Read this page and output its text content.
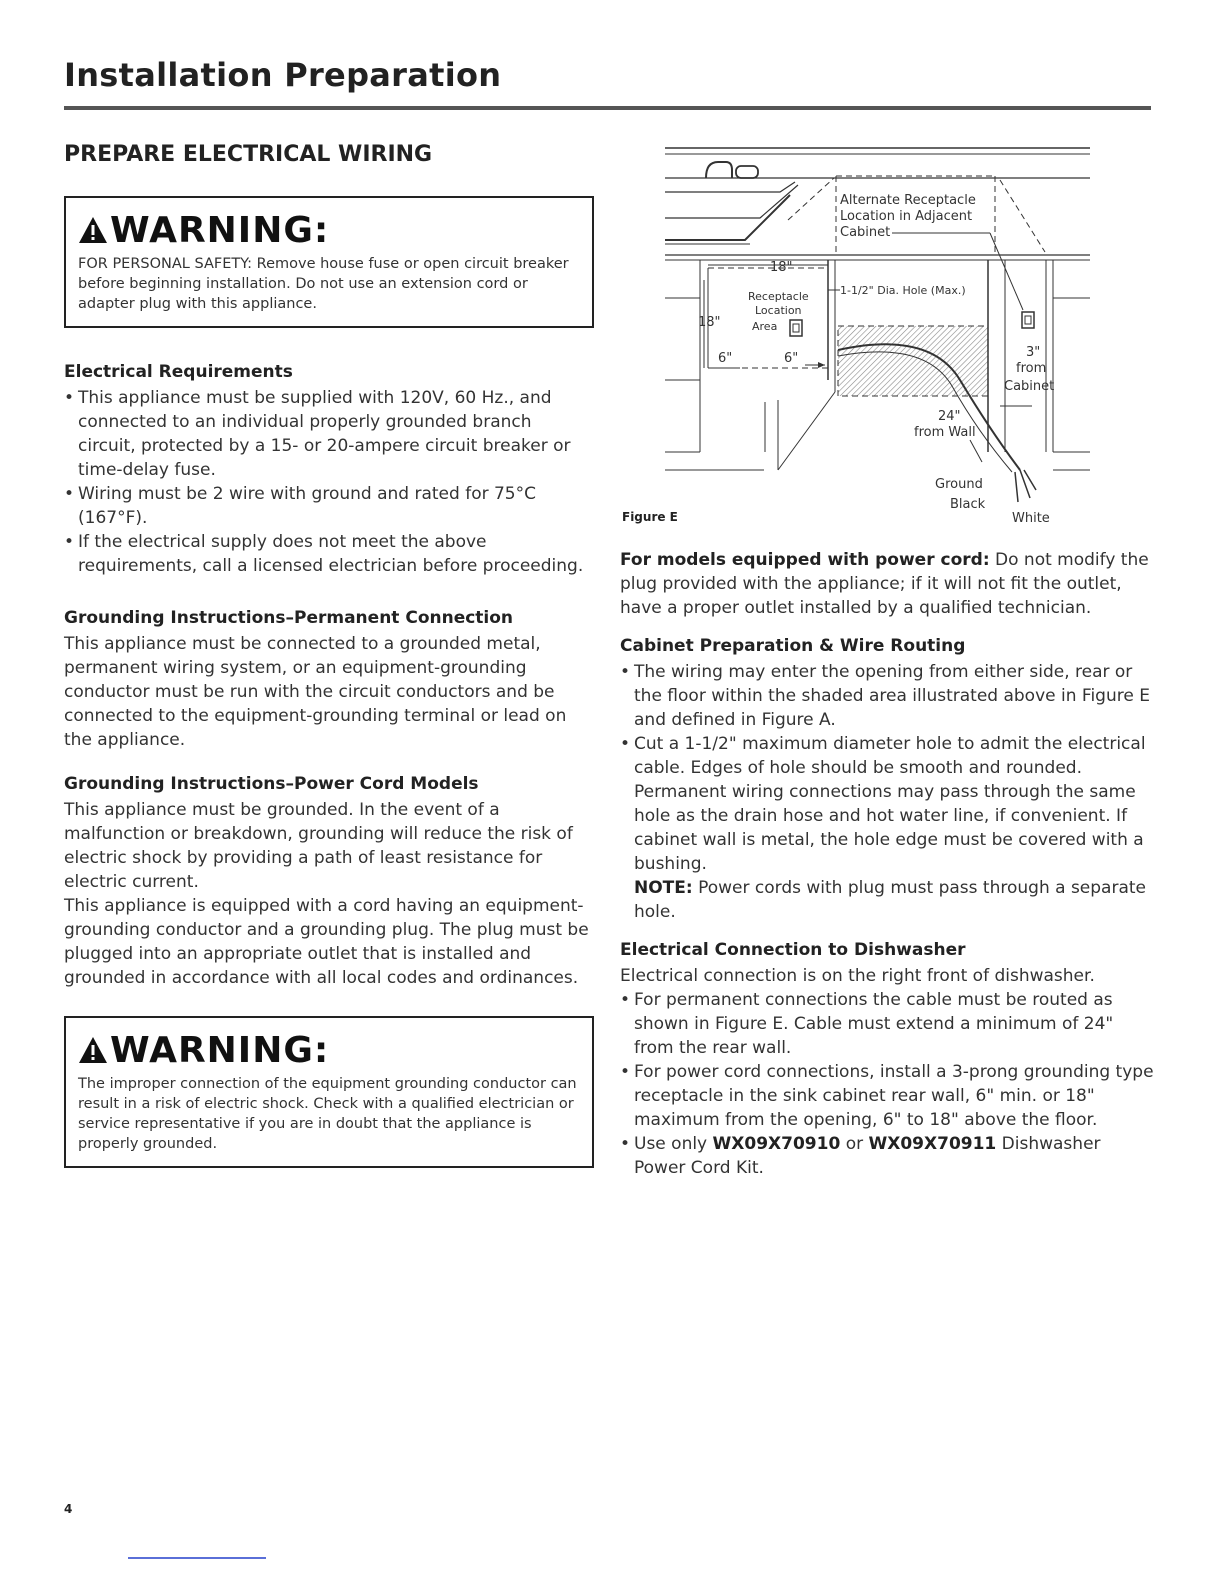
Installation Preparation
PREPARE ELECTRICAL WIRING
WARNING:
FOR PERSONAL SAFETY: Remove house fuse or open circuit breaker before beginning installation. Do not use an extension cord or adapter plug with this appliance.
Electrical Requirements
• This appliance must be supplied with 120V, 60 Hz., and connected to an individual properly grounded branch circuit, protected by a 15- or 20-ampere circuit breaker or time-delay fuse.
• Wiring must be 2 wire with ground and rated for 75°C (167°F).
• If the electrical supply does not meet the above requirements, call a licensed electrician before proceeding.
Grounding Instructions–Permanent Connection

This appliance must be connected to a grounded metal, permanent wiring system, or an equipment-grounding conductor must be run with the circuit conductors and be connected to the equipment-grounding terminal or lead on the appliance.

Grounding Instructions–Power Cord Models

This appliance must be grounded. In the event of a malfunction or breakdown, grounding will reduce the risk of electric shock by providing a path of least resistance for electric current.

This appliance is equipped with a cord having an equipment-grounding conductor and a grounding plug. The plug must be plugged into an appropriate outlet that is installed and grounded in accordance with all local codes and ordinances.

WARNING:
The improper connection of the equipment grounding conductor can result in a risk of electric shock. Check with a qualified electrician or service representative if you are in doubt that the appliance is properly grounded.
Alternate Receptacle
Location in Adjacent
Cabinet
18"
Receptacle
Location
Area
18"
6"	6"
1-1/2" Dia. Hole (Max.)
3"
from
Cabinet
24"
from Wall
Ground
Black
White
Figure E

For models equipped with power cord: Do not modify the plug provided with the appliance; if it will not fit the outlet, have a proper outlet installed by a qualified technician.

Cabinet Preparation & Wire Routing
• The wiring may enter the opening from either side, rear or the floor within the shaded area illustrated above in Figure E and defined in Figure A.
• Cut a 1-1/2" maximum diameter hole to admit the electrical cable. Edges of hole should be smooth and rounded. Permanent wiring connections may pass through the same hole as the drain hose and hot water line, if convenient. If cabinet wall is metal, the hole edge must be covered with a bushing.
NOTE: Power cords with plug must pass through a separate hole.
Electrical Connection to Dishwasher

Electrical connection is on the right front of dishwasher.

• For permanent connections the cable must be routed as shown in Figure E. Cable must extend a minimum of 24" from the rear wall.
• For power cord connections, install a 3-prong grounding type receptacle in the sink cabinet rear wall, 6" min. or 18" maximum from the opening, 6" to 18" above the floor.
• Use only WX09X70910 or WX09X70911 Dishwasher Power Cord Kit.
4
